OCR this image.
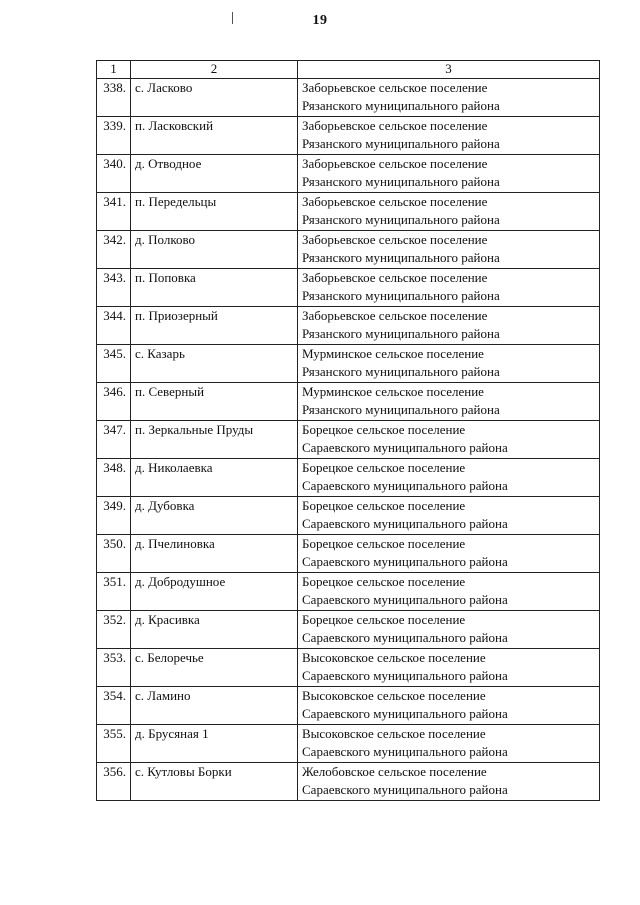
19
1	2	3
338.	с. Ласково	Заборьевское сельское поселение
Рязанского муниципального района

339.	п. Ласковский	Заборьевское сельское поселение
Рязанского муниципального района

340.	д. Отводное	Заборьевское сельское поселение
Рязанского муниципального района

341.	п. Передельцы	Заборьевское сельское поселение
Рязанского муниципального района

342.	д. Полково	Заборьевское сельское поселение
Рязанского муниципального района

343.	п. Поповка	Заборьевское сельское поселение
Рязанского муниципального района

344.	п. Приозерный	Заборьевское сельское поселение
Рязанского муниципального района

345.	с. Казарь	Мурминское сельское поселение
Рязанского муниципального района

346.	п. Северный	Мурминское сельское поселение
Рязанского муниципального района

347.	п. Зеркальные Пруды	Борецкое сельское поселение
Сараевского муниципального района

348.	д. Николаевка	Борецкое сельское поселение
Сараевского муниципального района

349.	д. Дубовка	Борецкое сельское поселение
Сараевского муниципального района

350.	д. Пчелиновка	Борецкое сельское поселение
Сараевского муниципального района

351.	д. Добродушное	Борецкое сельское поселение
Сараевского муниципального района

352.	д. Красивка	Борецкое сельское поселение
Сараевского муниципального района

353.	с. Белоречье	Высоковское сельское поселение
Сараевского муниципального района

354.	с. Ламино	Высоковское сельское поселение
Сараевского муниципального района

355.	д. Брусяная 1	Высоковское сельское поселение
Сараевского муниципального района

356.	с. Кутловы Борки	Желобовское сельское поселение
Сараевского муниципального района
